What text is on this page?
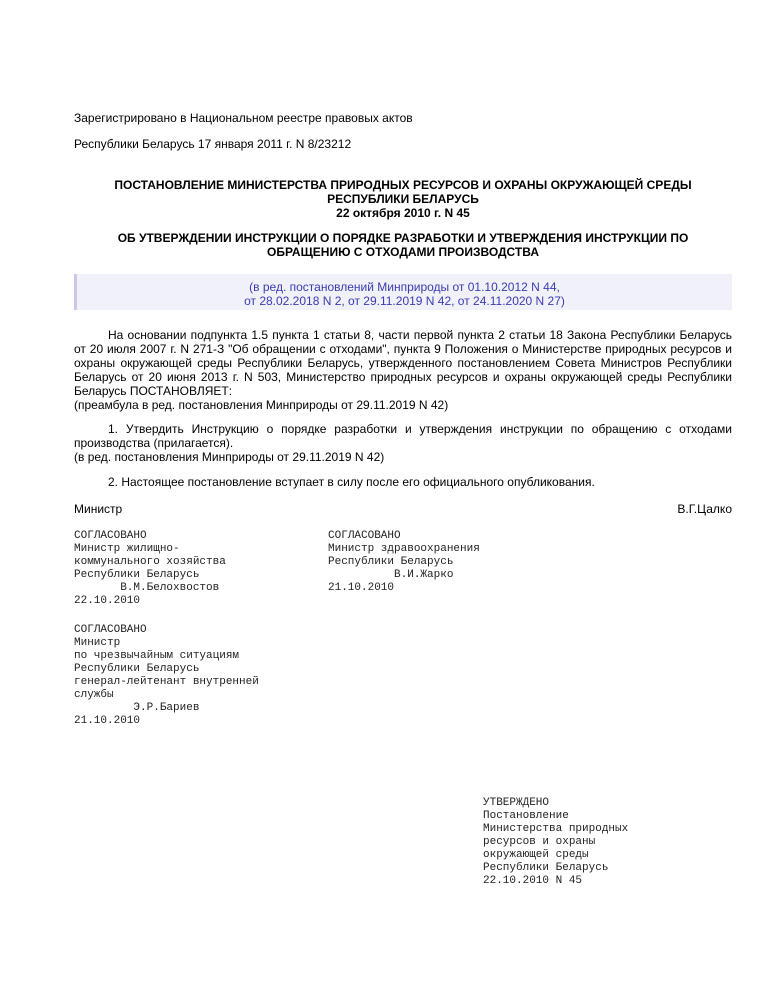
Зарегистрировано в Национальном реестре правовых актов
Республики Беларусь 17 января 2011 г. N 8/23212
ПОСТАНОВЛЕНИЕ МИНИСТЕРСТВА ПРИРОДНЫХ РЕСУРСОВ И ОХРАНЫ ОКРУЖАЮЩЕЙ СРЕДЫ
РЕСПУБЛИКИ БЕЛАРУСЬ
22 октября 2010 г. N 45
ОБ УТВЕРЖДЕНИИ ИНСТРУКЦИИ О ПОРЯДКЕ РАЗРАБОТКИ И УТВЕРЖДЕНИЯ ИНСТРУКЦИИ ПО
ОБРАЩЕНИЮ С ОТХОДАМИ ПРОИЗВОДСТВА
(в ред. постановлений Минприроды от 01.10.2012 N 44,
от 28.02.2018 N 2, от 29.11.2019 N 42, от 24.11.2020 N 27)
На основании подпункта 1.5 пункта 1 статьи 8, части первой пункта 2 статьи 18 Закона Республики Беларусь от 20 июля 2007 г. N 271-З "Об обращении с отходами", пункта 9 Положения о Министерстве природных ресурсов и охраны окружающей среды Республики Беларусь, утвержденного постановлением Совета Министров Республики Беларусь от 20 июня 2013 г. N 503, Министерство природных ресурсов и охраны окружающей среды Республики Беларусь ПОСТАНОВЛЯЕТ:
(преамбула в ред. постановления Минприроды от 29.11.2019 N 42)
1. Утвердить Инструкцию о порядке разработки и утверждения инструкции по обращению с отходами производства (прилагается).
(в ред. постановления Минприроды от 29.11.2019 N 42)
2. Настоящее постановление вступает в силу после его официального опубликования.
Министр	В.Г.Цалко
СОГЛАСОВАНО
Министр жилищно-
коммунального хозяйства
Республики Беларусь
В.М.Белохвостов
22.10.2010
СОГЛАСОВАНО
Министр здравоохранения
Республики Беларусь
В.И.Жарко
21.10.2010
СОГЛАСОВАНО
Министр
по чрезвычайным ситуациям
Республики Беларусь
генерал-лейтенант внутренней
службы
Э.Р.Бариев
21.10.2010
УТВЕРЖДЕНО
Постановление
Министерства природных
ресурсов и охраны
окружающей среды
Республики Беларусь
22.10.2010 N 45
